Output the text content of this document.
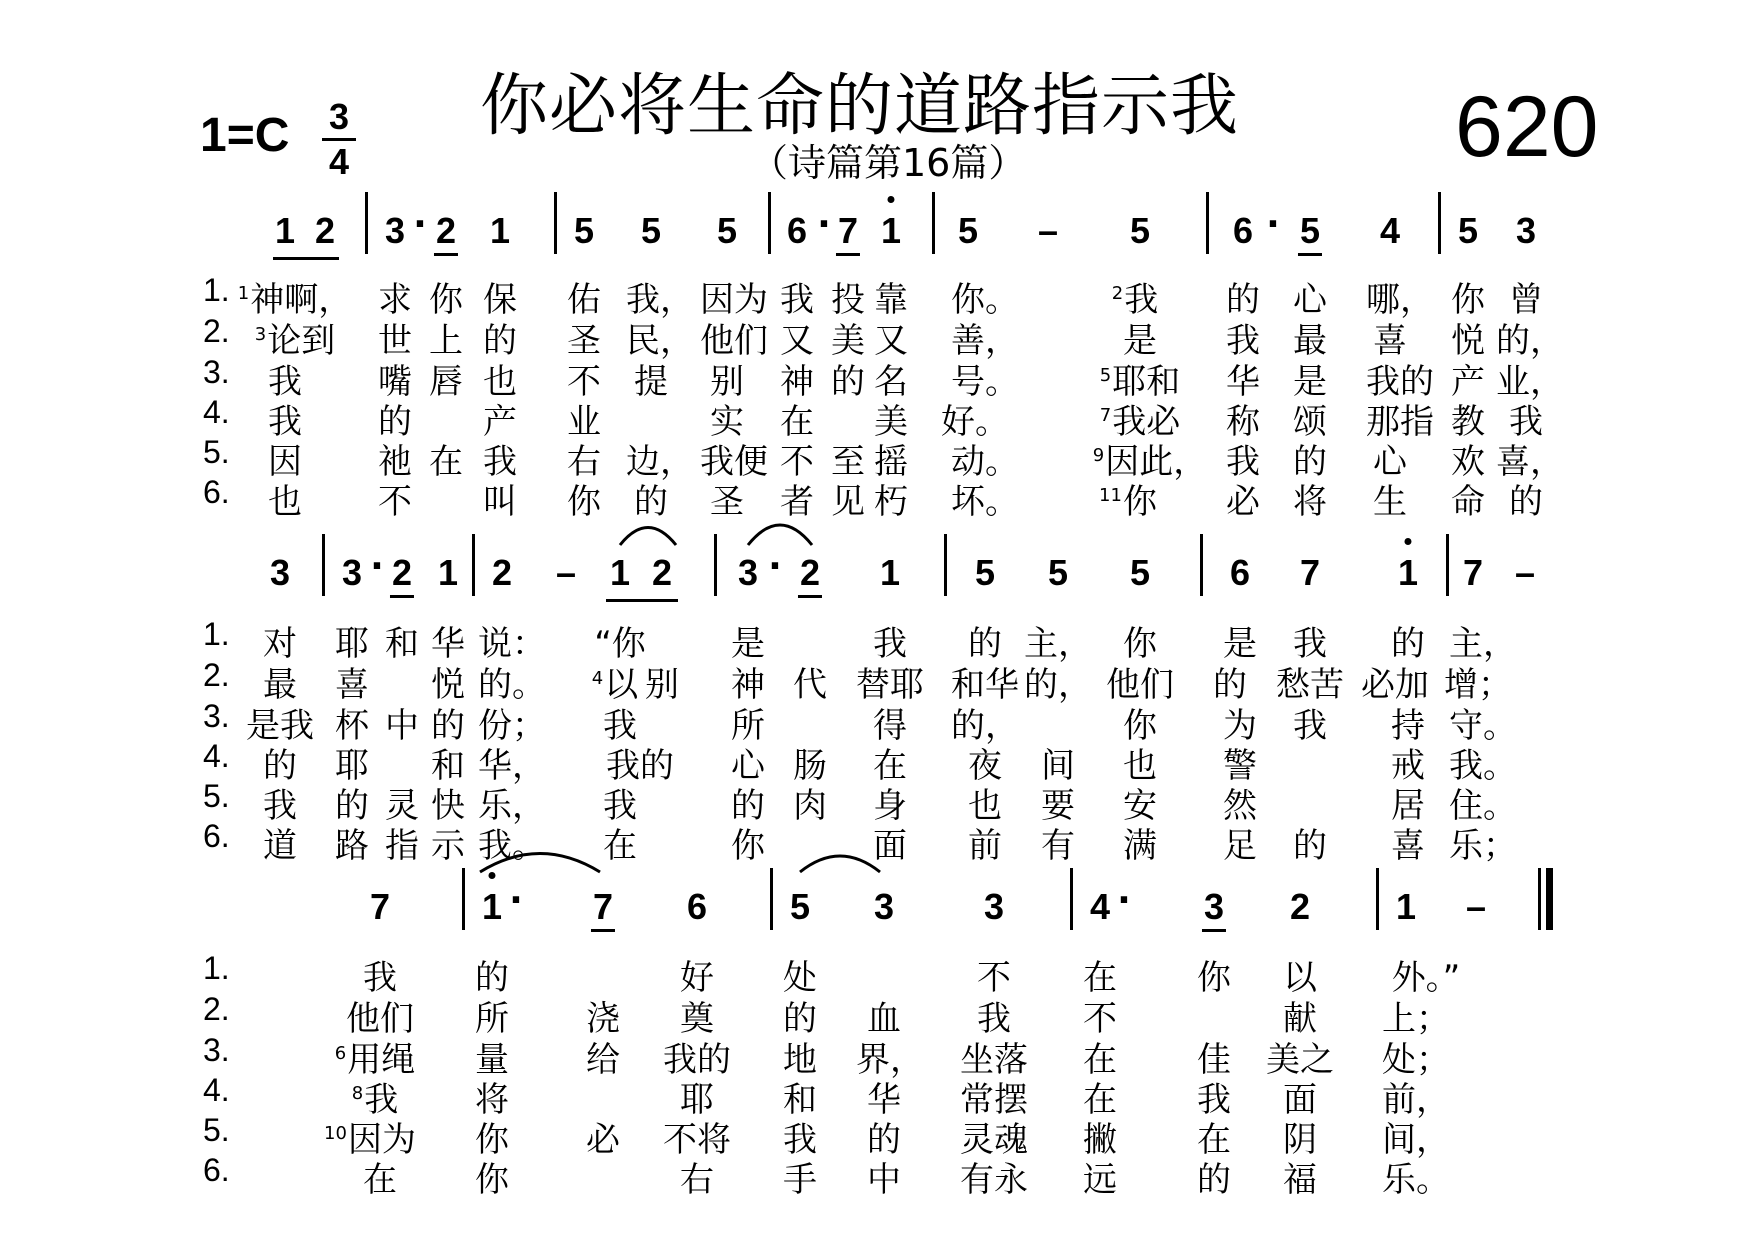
1=C 3
4
你必将生命的道路指示我
（诗篇第16篇）	620
1 2 3 · 2 1 5 5 5 6 · 7 1 5 – 5 6 · 5 4 5 3
1.
2.
3.
4.
5.
6.
$^1$神啊， 求 你 保 佑 我， 因为 我 投 靠 你。	$^2$我 的 心 哪， 你 曾
$^3$论到 世 上 的 圣 民， 他们 又 美 又 善，	是 我 最 喜 悦 的，
我 嘴 唇 也 不 提 别 神 的 名 号。	$^5$耶和 华 是 我的 产 业，
我 的 产 业	实 在 美 好。	$^7$我必 称 颂 那指 教 我
因 祂 在 我 右 边， 我便 不 至 摇 动。	$^9$因此， 我 的 心 欢 喜，
也 不 叫 你 的 圣 者 见 朽 坏。	$^{11}$你 必 将 生 命 的
3 3 · 2 1 2 – 1 2 3 · 2 1 5 5 5 6 7 1 7 –
1.
2.
3.
4.
5.
6.
对 耶 和 华 说： “你	是	我 的 主， 你 是 我 的 主，
最 喜 悦 的。	$^4$以 别 神 代 替耶 和华 的， 他们 的 愁苦 必加 增；
是我 杯 中 的 份； 我	所	得 的，	你 为 我 持 守。
的 耶 和 华， 我的 心 肠 在 夜 间 也 警	戒 我。
我 的 灵 快 乐， 我	的 肉 身 也 要 安 然	居 住。
道 路 指 示 我。 在	你	面 前 有 满 足 的 喜 乐；
7	1 · 7 6 5 3 3 4 · 3 2 1 –
1.
2.
3.
4.
5.
6.
我 的	好 处	不 在 你 以 外。”
他们 所 浇 奠 的 血 我 不	献 上；
$^6$用绳 量 给 我的 地 界， 坐落 在 佳 美之 处；
$^8$我 将	耶 和 华 常摆 在 我 面 前，
$^{10}$因为 你 必 不将 我 的 灵魂 撇 在 阴 间，
在 你	右 手 中 有永 远 的 福 乐。
